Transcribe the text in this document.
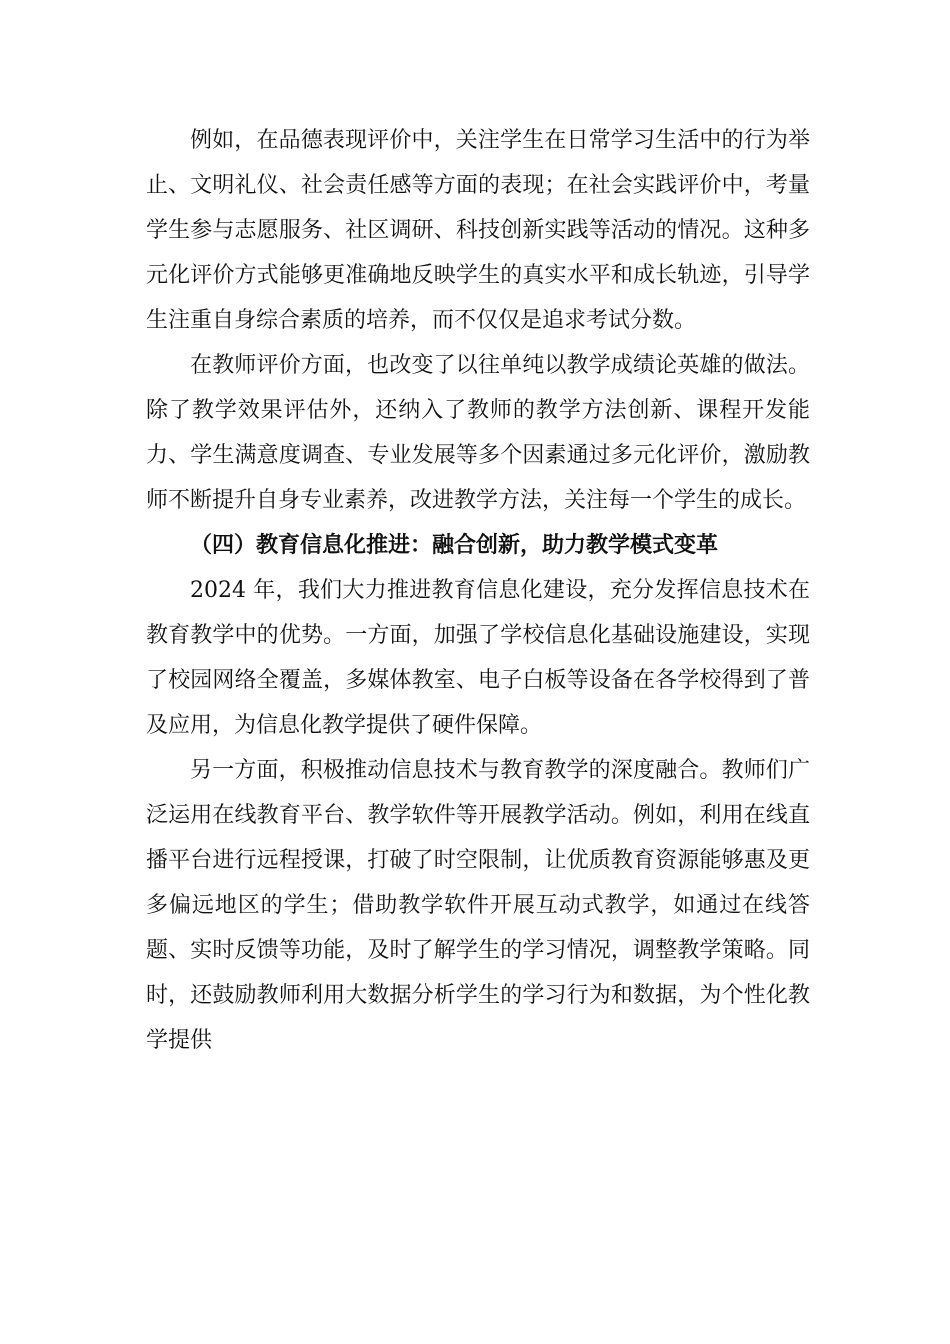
例如，在品德表现评价中，关注学生在日常学习生活中的行为举止、文明礼仪、社会责任感等方面的表现；在社会实践评价中，考量学生参与志愿服务、社区调研、科技创新实践等活动的情况。这种多元化评价方式能够更准确地反映学生的真实水平和成长轨迹，引导学生注重自身综合素质的培养，而不仅仅是追求考试分数。

在教师评价方面，也改变了以往单纯以教学成绩论英雄的做法。除了教学效果评估外，还纳入了教师的教学方法创新、课程开发能力、学生满意度调查、专业发展等多个因素通过多元化评价，激励教师不断提升自身专业素养，改进教学方法，关注每一个学生的成长。

（四）教育信息化推进：融合创新，助力教学模式变革

2024 年，我们大力推进教育信息化建设，充分发挥信息技术在教育教学中的优势。一方面，加强了学校信息化基础设施建设，实现了校园网络全覆盖，多媒体教室、电子白板等设备在各学校得到了普及应用，为信息化教学提供了硬件保障。

另一方面，积极推动信息技术与教育教学的深度融合。教师们广泛运用在线教育平台、教学软件等开展教学活动。例如，利用在线直播平台进行远程授课，打破了时空限制，让优质教育资源能够惠及更多偏远地区的学生；借助教学软件开展互动式教学，如通过在线答题、实时反馈等功能，及时了解学生的学习情况，调整教学策略。同时，还鼓励教师利用大数据分析学生的学习行为和数据，为个性化教学提供
